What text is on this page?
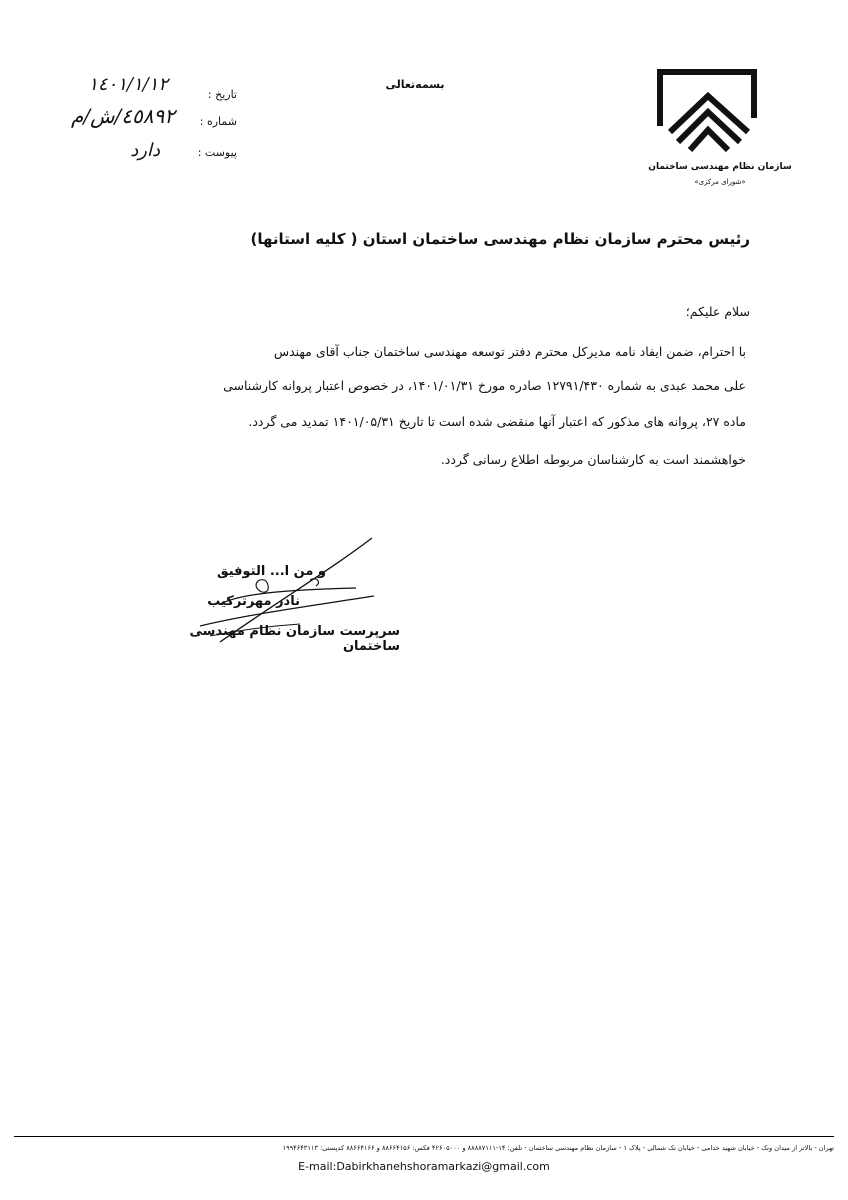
سازمان نظام مهندسی ساختمان
«شورای مرکزی»
بسمه‌تعالی
تاریخ :
١٤٠١/١/١٢
شماره :
٤٥٨٩٢/ش/م
پیوست :
دارد
رئیس محترم سازمان نظام مهندسی ساختمان استان ( کلیه استانها)
سلام علیکم؛
با احترام، ضمن ایفاد نامه مدیرکل محترم دفتر توسعه مهندسی ساختمان جناب آقای مهندس
علی محمد عبدی به شماره ۱۲۷۹۱/۴۳۰ صادره مورخ ۱۴۰۱/۰۱/۳۱، در خصوص اعتبار پروانه کارشناسی
ماده ۲۷، پروانه های مذکور که اعتبار آنها منقضی شده است تا تاریخ ۱۴۰۱/۰۵/۳۱ تمدید می گردد.
خواهشمند است به کارشناسان مربوطه اطلاع رسانی گردد.
و من ا... التوفیق
نادر مهرترکیب
سرپرست سازمان نظام مهندسی ساختمان
تهران - بالاتر از میدان ونک - خیابان شهید خدامی - خیابان تک شمالی - پلاک ۱ - سازمان نظام مهندسی ساختمان - تلفن: ۱۴-۸۸۸۸۷۱۱۱ و ۴۲۶۰۵۰۰۰ فکس: ۸۸۶۶۴۱۵۶ و ۸۸۶۶۴۱۶۶ کدپستی: ۱۹۹۴۶۴۳۱۱۳
E-mail:Dabirkhanehshoramarkazi@gmail.com
